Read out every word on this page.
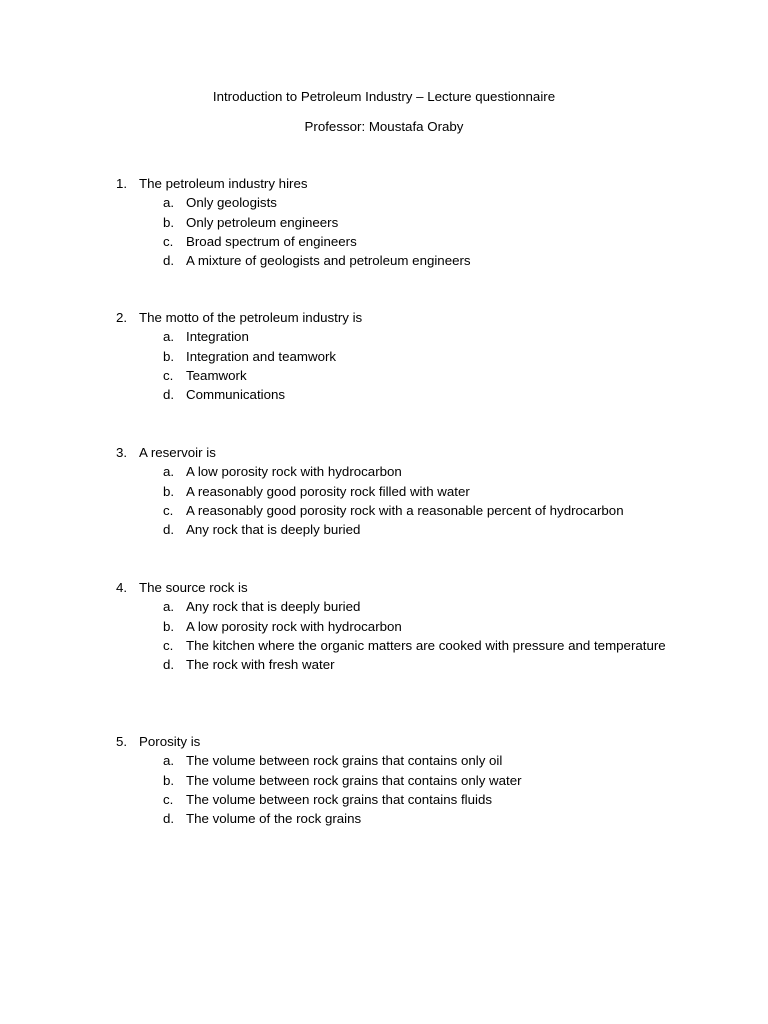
Introduction to Petroleum Industry – Lecture questionnaire
Professor: Moustafa Oraby
1. The petroleum industry hires
a. Only geologists
b. Only petroleum engineers
c. Broad spectrum of engineers
d. A mixture of geologists and petroleum engineers
2. The motto of the petroleum industry is
a. Integration
b. Integration and teamwork
c. Teamwork
d. Communications
3. A reservoir is
a. A low porosity rock with hydrocarbon
b. A reasonably good porosity rock filled with water
c. A reasonably good porosity rock with a reasonable percent of hydrocarbon
d. Any rock that is deeply buried
4. The source rock is
a. Any rock that is deeply buried
b. A low porosity rock with hydrocarbon
c. The kitchen where the organic matters are cooked with pressure and temperature
d. The rock with fresh water
5. Porosity is
a. The volume between rock grains that contains only oil
b. The volume between rock grains that contains only water
c. The volume between rock grains that contains fluids
d. The volume of the rock grains
